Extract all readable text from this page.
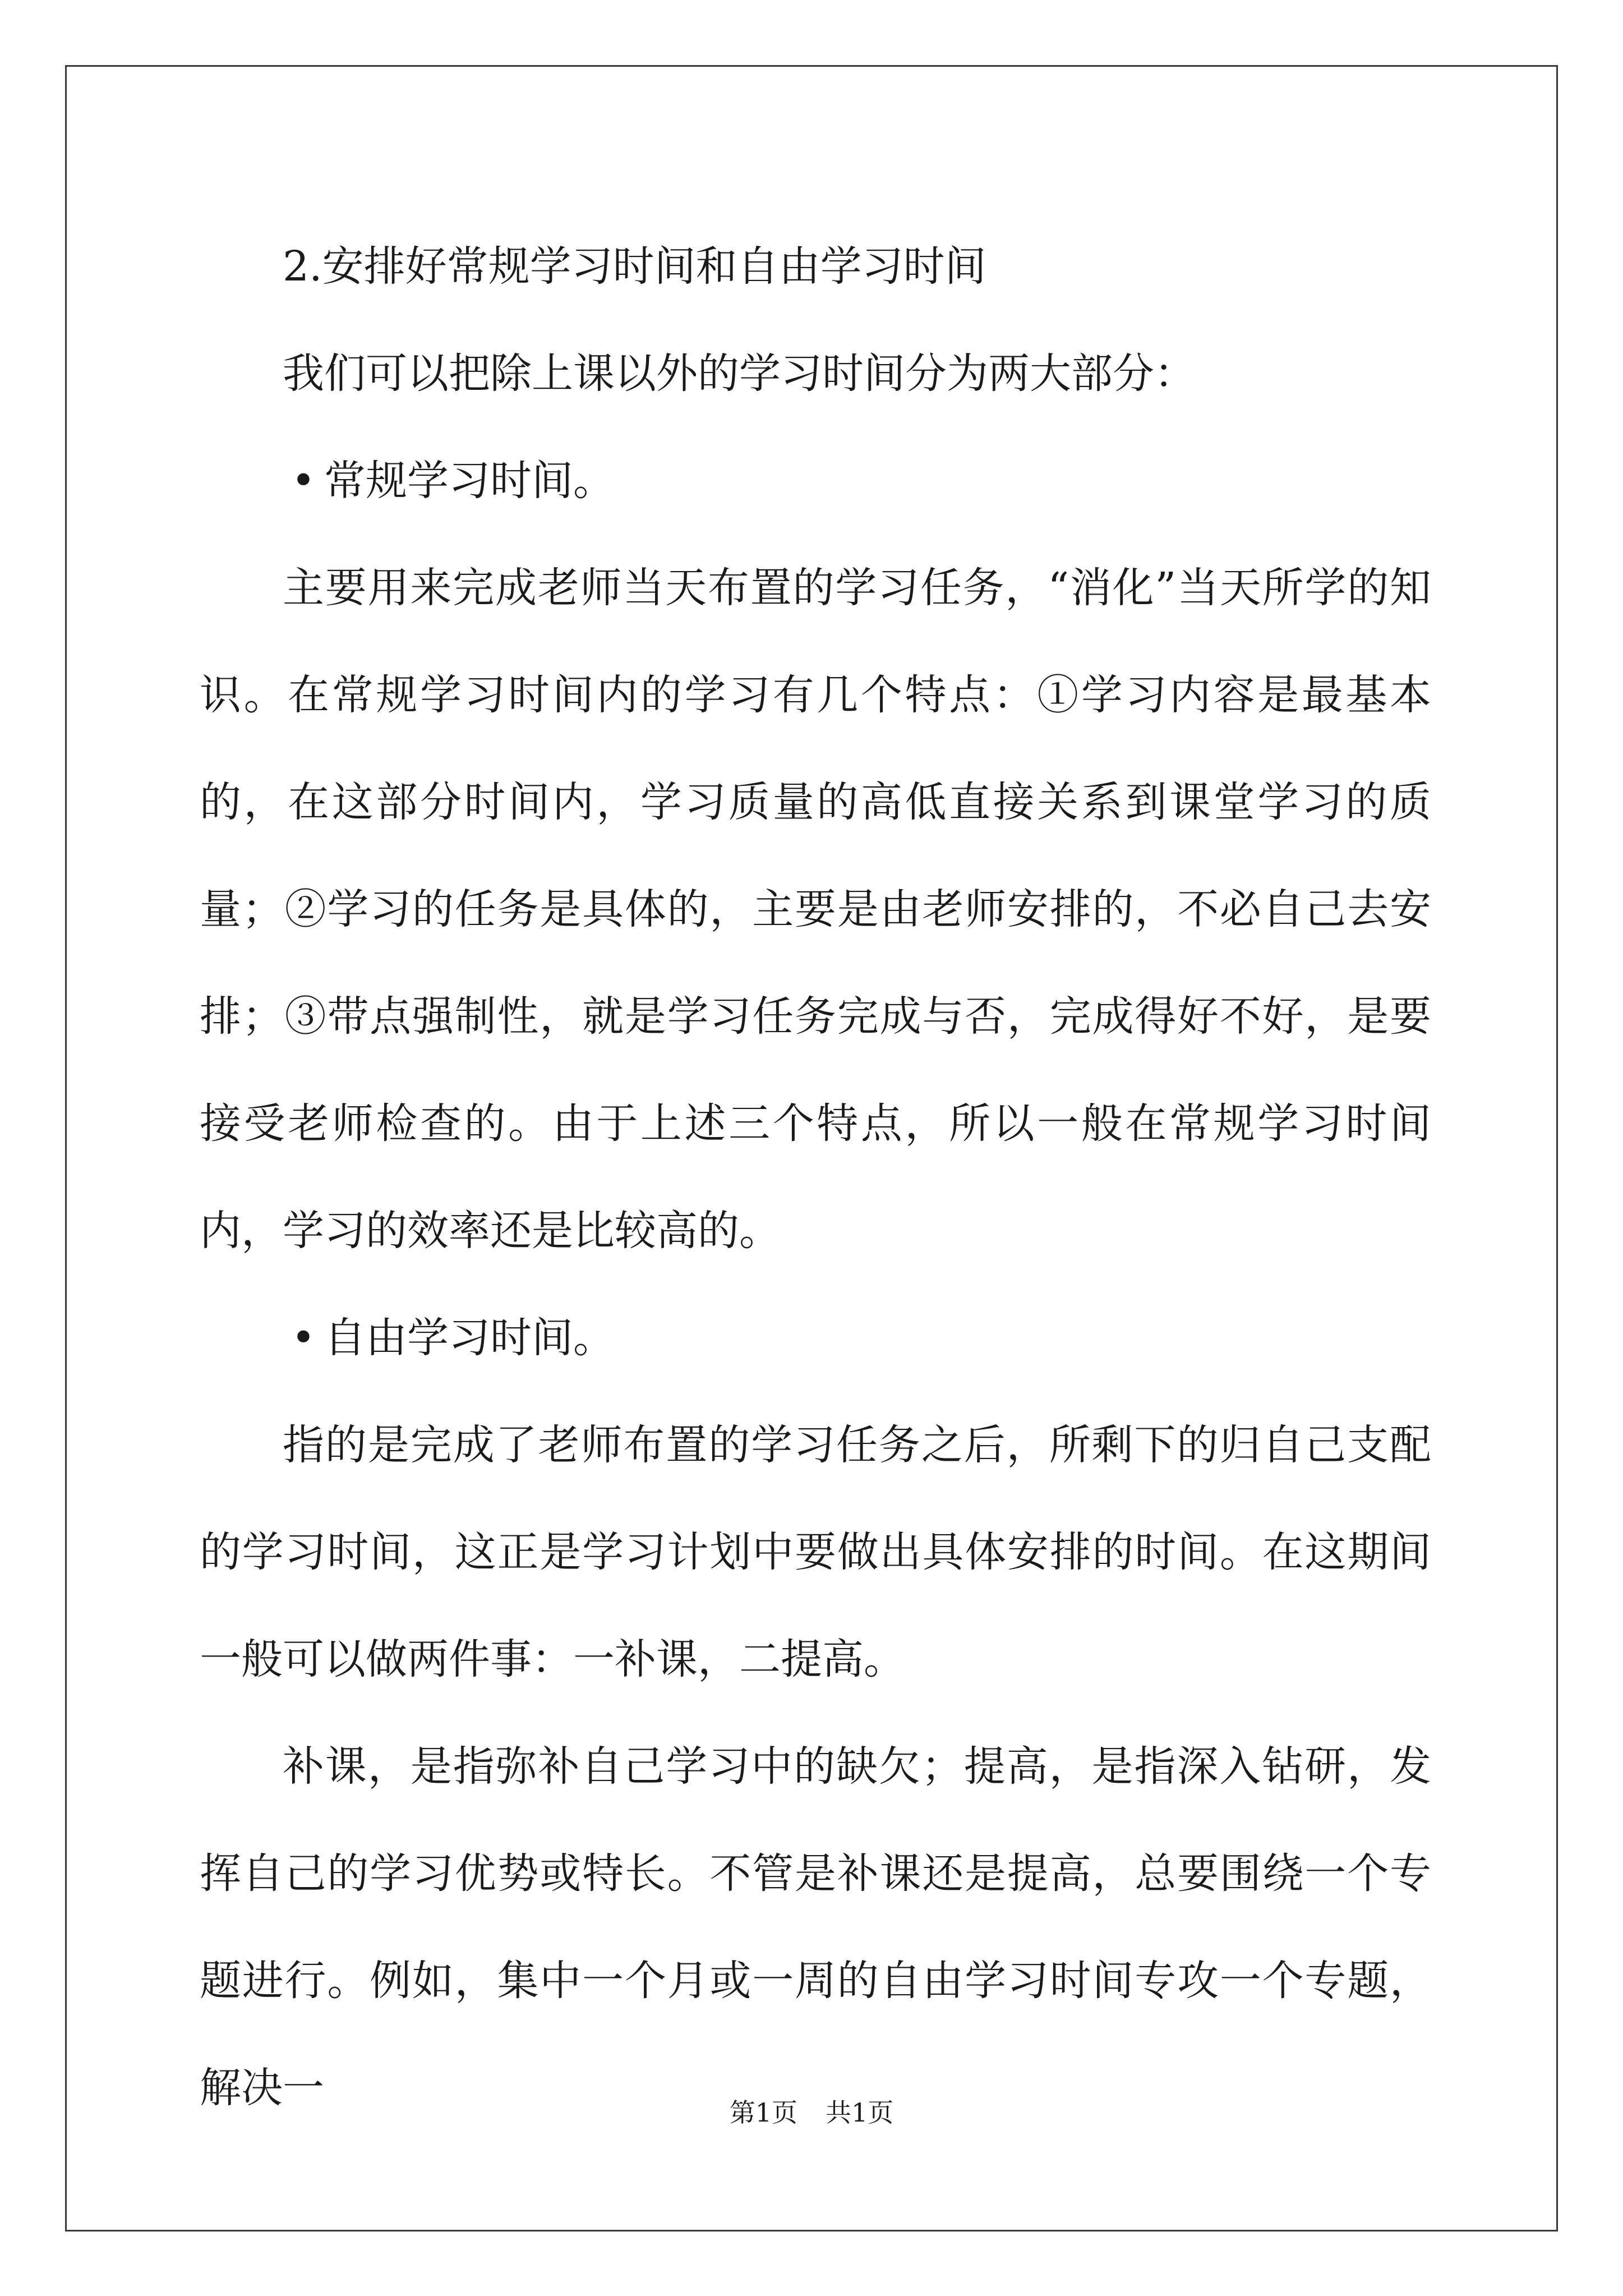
2.安排好常规学习时间和自由学习时间

我们可以把除上课以外的学习时间分为两大部分：

• 常规学习时间。

主要用来完成老师当天布置的学习任务，“消化”当天所学的知识。在常规学习时间内的学习有几个特点：①学习内容是最基本的，在这部分时间内，学习质量的高低直接关系到课堂学习的质量；②学习的任务是具体的，主要是由老师安排的，不必自己去安排；③带点强制性，就是学习任务完成与否，完成得好不好，是要接受老师检查的。由于上述三个特点，所以一般在常规学习时间内，学习的效率还是比较高的。

• 自由学习时间。

指的是完成了老师布置的学习任务之后，所剩下的归自己支配的学习时间，这正是学习计划中要做出具体安排的时间。在这期间一般可以做两件事：一补课，二提高。

补课，是指弥补自己学习中的缺欠；提高，是指深入钻研，发挥自己的学习优势或特长。不管是补课还是提高，总要围绕一个专题进行。例如，集中一个月或一周的自由学习时间专攻一个专题，解决一

第1页 共1页
